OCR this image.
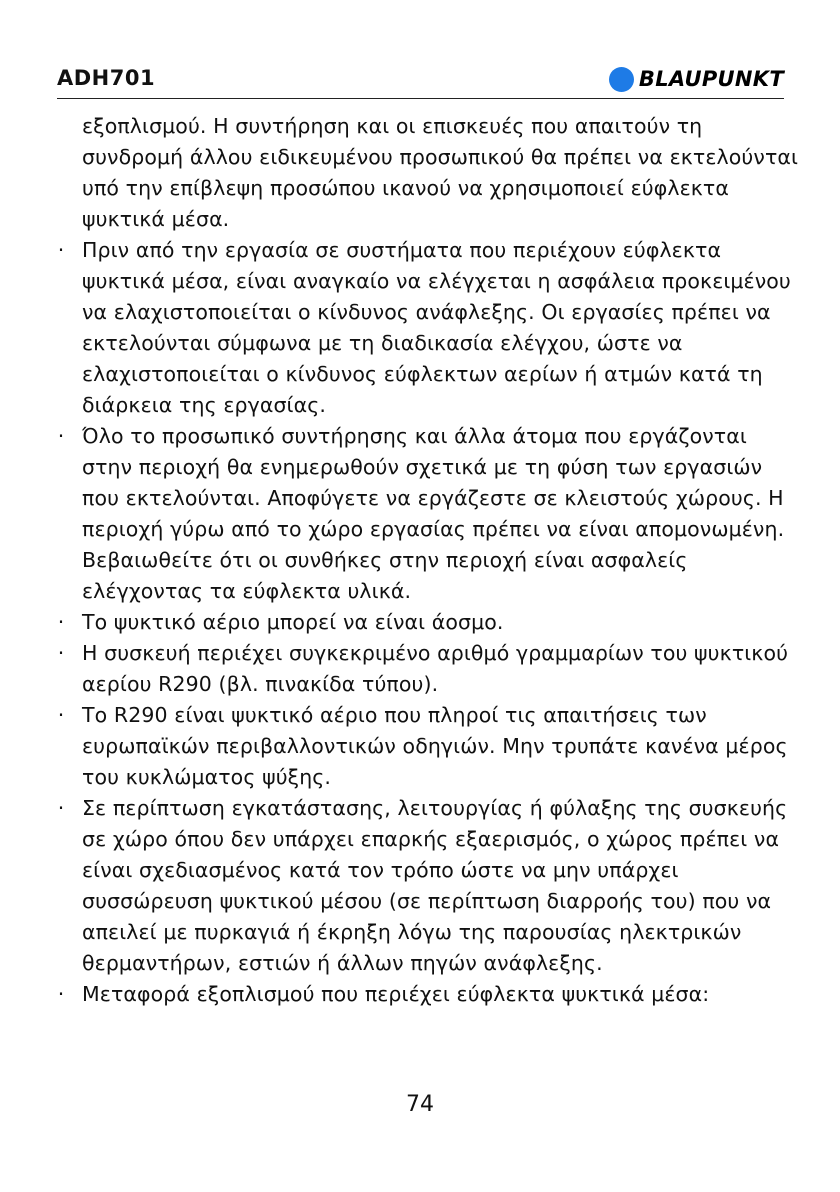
ADH701	BLAUPUNKT

εξοπλισμού. Η συντήρηση και οι επισκευές που απαιτούν τη συνδρομή άλλου ειδικευμένου προσωπικού θα πρέπει να εκτελούνται υπό την επίβλεψη προσώπου ικανού να χρησιμοποιεί εύφλεκτα ψυκτικά μέσα.

· Πριν από την εργασία σε συστήματα που περιέχουν εύφλεκτα ψυκτικά μέσα, είναι αναγκαίο να ελέγχεται η ασφάλεια προκειμένου να ελαχιστοποιείται ο κίνδυνος ανάφλεξης. Οι εργασίες πρέπει να εκτελούνται σύμφωνα με τη διαδικασία ελέγχου, ώστε να ελαχιστοποιείται ο κίνδυνος εύφλεκτων αερίων ή ατμών κατά τη διάρκεια της εργασίας.
· Όλο το προσωπικό συντήρησης και άλλα άτομα που εργάζονται στην περιοχή θα ενημερωθούν σχετικά με τη φύση των εργασιών που εκτελούνται. Αποφύγετε να εργάζεστε σε κλειστούς χώρους. Η περιοχή γύρω από το χώρο εργασίας πρέπει να είναι απομονωμένη. Βεβαιωθείτε ότι οι συνθήκες στην περιοχή είναι ασφαλείς ελέγχοντας τα εύφλεκτα υλικά.
· Το ψυκτικό αέριο μπορεί να είναι άοσμο.
· Η συσκευή περιέχει συγκεκριμένο αριθμό γραμμαρίων του ψυκτικού αερίου R290 (βλ. πινακίδα τύπου).
· Το R290 είναι ψυκτικό αέριο που πληροί τις απαιτήσεις των ευρωπαϊκών περιβαλλοντικών οδηγιών. Μην τρυπάτε κανένα μέρος του κυκλώματος ψύξης.
· Σε περίπτωση εγκατάστασης, λειτουργίας ή φύλαξης της συσκευής σε χώρο όπου δεν υπάρχει επαρκής εξαερισμός, ο χώρος πρέπει να είναι σχεδιασμένος κατά τον τρόπο ώστε να μην υπάρχει συσσώρευση ψυκτικού μέσου (σε περίπτωση διαρροής του) που να απειλεί με πυρκαγιά ή έκρηξη λόγω της παρουσίας ηλεκτρικών θερμαντήρων, εστιών ή άλλων πηγών ανάφλεξης.
· Μεταφορά εξοπλισμού που περιέχει εύφλεκτα ψυκτικά μέσα:
74
